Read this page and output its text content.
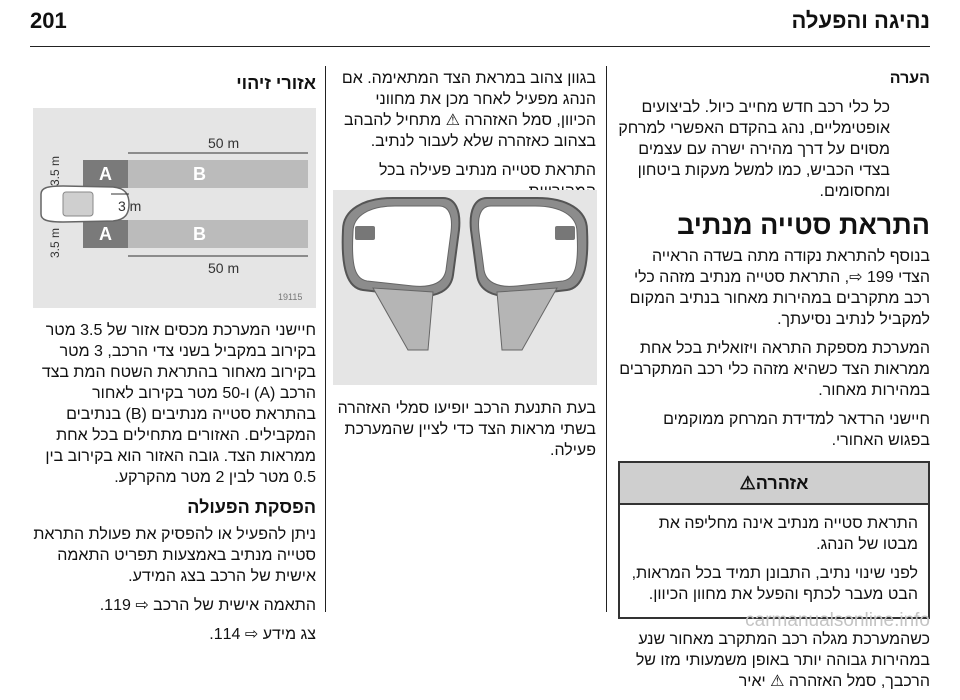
201	נהיגה והפעלה

הערה

כל כלי רכב חדש מחייב כיול. לביצועים אופטימליים, נהג בהקדם האפשרי למרחק מסוים על דרך מהירה ישרה עם עצמים בצדי הכביש, כמו למשל מעקות ביטחון ומחסומים.

התראת סטייה מנתיב

בנוסף להתראת נקודה מתה בשדה הראייה הצדי 199 ⇨, התראת סטייה מנתיב מזהה כלי רכב מתקרבים במהירות מאחור בנתיב המקום למקביל לנתיב נסיעתך.

המערכת מספקת התראה ויזואלית בכל אחת ממראות הצד כשהיא מזהה כלי רכב המתקרבים במהירות מאחור.

חיישני הרדאר למדידת המרחק ממוקמים בפגוש האחורי.

אזהרה⚠

התראת סטייה מנתיב אינה מחליפה את מבטו של הנהג.

לפני שינוי נתיב, התבונן תמיד בכל המראות, הבט מעבר לכתף והפעל את מחוון הכיוון.

כשהמערכת מגלה רכב המתקרב מאחור שנע במהירות גבוהה יותר באופן משמעותי מזו של הרכבך, סמל האזהרה ⚠ יאיר

בגוון צהוב במראת הצד המתאימה. אם הנהג מפעיל לאחר מכן את מחווני הכיוון, סמל האזהרה ⚠ מתחיל להבהב בצהוב כאזהרה שלא לעבור לנתיב.

התראת סטייה מנתיב פעילה בכל

בעת התנעת הרכב יופיעו סמלי האזהרה בשתי מראות הצד כדי לציין שהמערכת פעילה.

אזורי זיהוי
50 m
A	B
A	B
3 m
3.5 m
3.5 m
50 m
19115

חיישני המערכת מכסים אזור של 3.5 מטר בקירוב במקביל בשני צדי הרכב, 3 מטר בקירוב מאחור בהתראת השטח המת בצד הרכב (A) ו-50 מטר בקירוב לאחור בהתראת סטייה מנתיבים (B) בנתיבים המקבילים. האזורים מתחילים בכל אחת ממראות הצד. גובה האזור הוא בקירוב בין 0.5 מטר לבין 2 מטר מהקרקע.

הפסקת הפעולה

ניתן להפעיל או להפסיק את פעולת התראת סטייה מנתיב באמצעות תפריט התאמה אישית של הרכב בצג המידע.

התאמה אישית של הרכב ⇨ 119.

צג מידע ⇨ 114.

carmanualsonline.info
